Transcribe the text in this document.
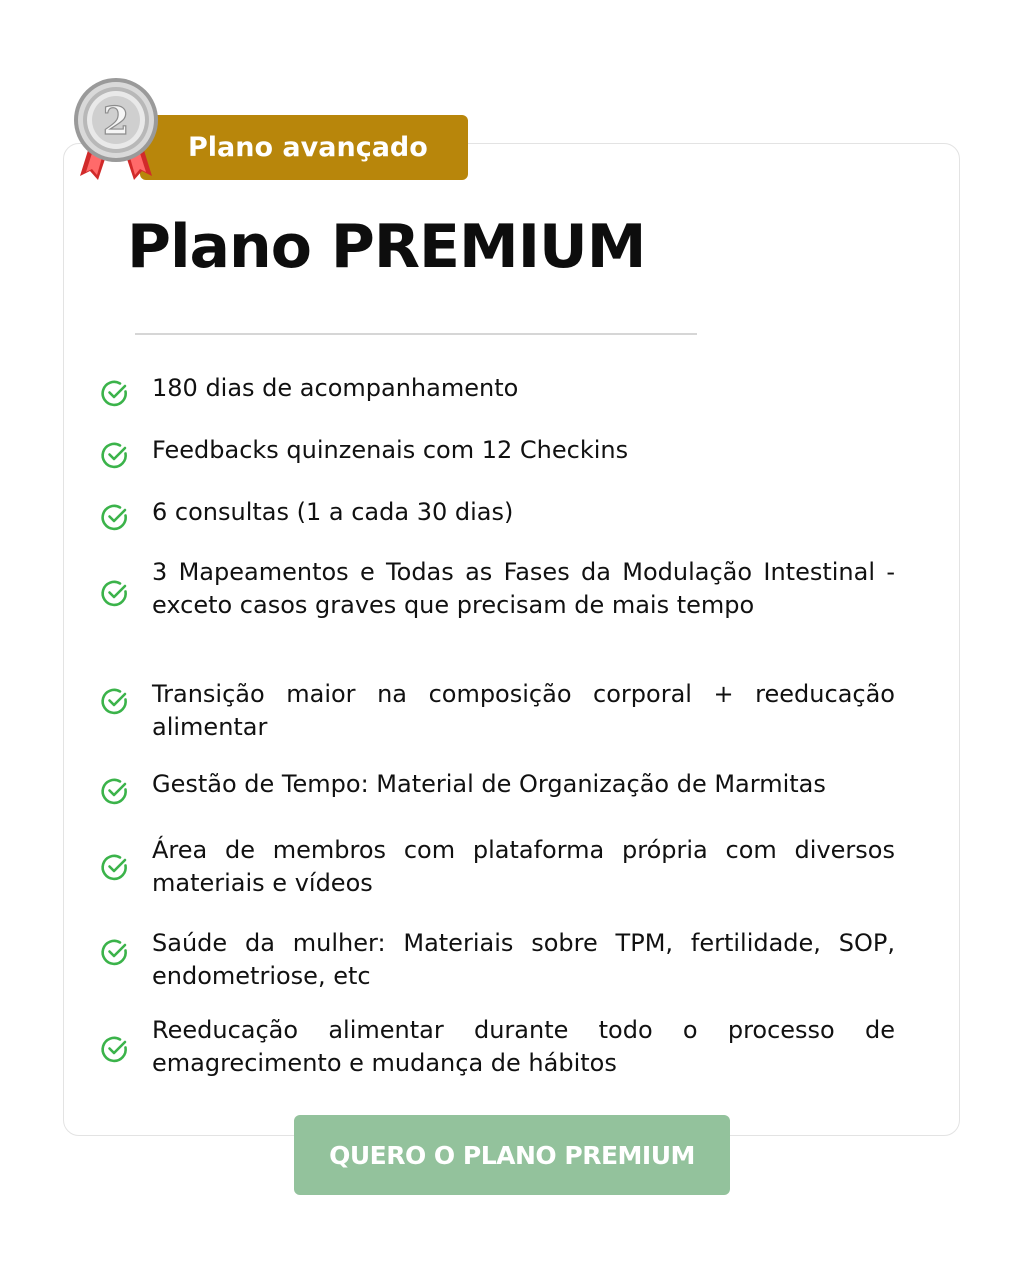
Plano avançado
2
Plano PREMIUM
180 dias de acompanhamento
Feedbacks quinzenais com 12 Checkins
6 consultas (1 a cada 30 dias)
3 Mapeamentos e Todas as Fases da Modulação Intestinal - exceto casos graves que precisam de mais tempo
Transição maior na composição corporal + reeducação alimentar
Gestão de Tempo: Material de Organização de Marmitas
Área de membros com plataforma própria com diversos materiais e vídeos
Saúde da mulher: Materiais sobre TPM, fertilidade, SOP, endometriose, etc
Reeducação alimentar durante todo o processo de emagrecimento e mudança de hábitos
QUERO O PLANO PREMIUM
